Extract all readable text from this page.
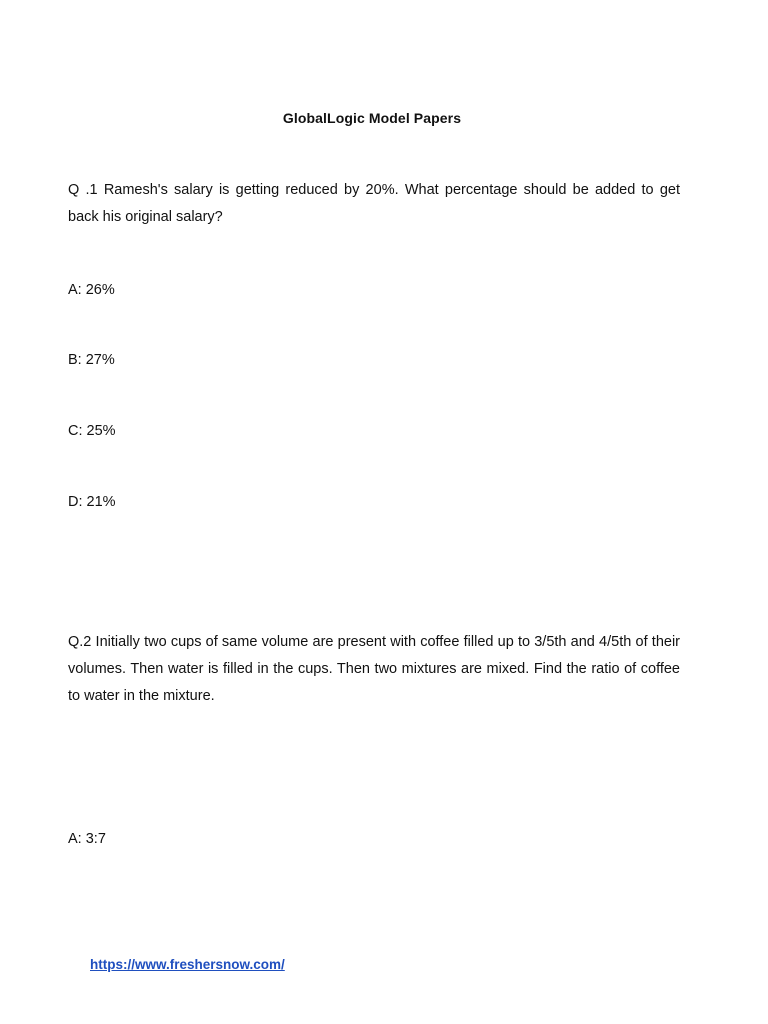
GlobalLogic Model Papers
Q .1 Ramesh's salary is getting reduced by 20%. What percentage should be added to get back his original salary?
A: 26%
B: 27%
C: 25%
D: 21%
Q.2 Initially two cups of same volume are present with coffee filled up to 3/5th and 4/5th of their volumes. Then water is filled in the cups. Then two mixtures are mixed. Find the ratio of coffee to water in the mixture.
A: 3:7
https://www.freshersnow.com/
